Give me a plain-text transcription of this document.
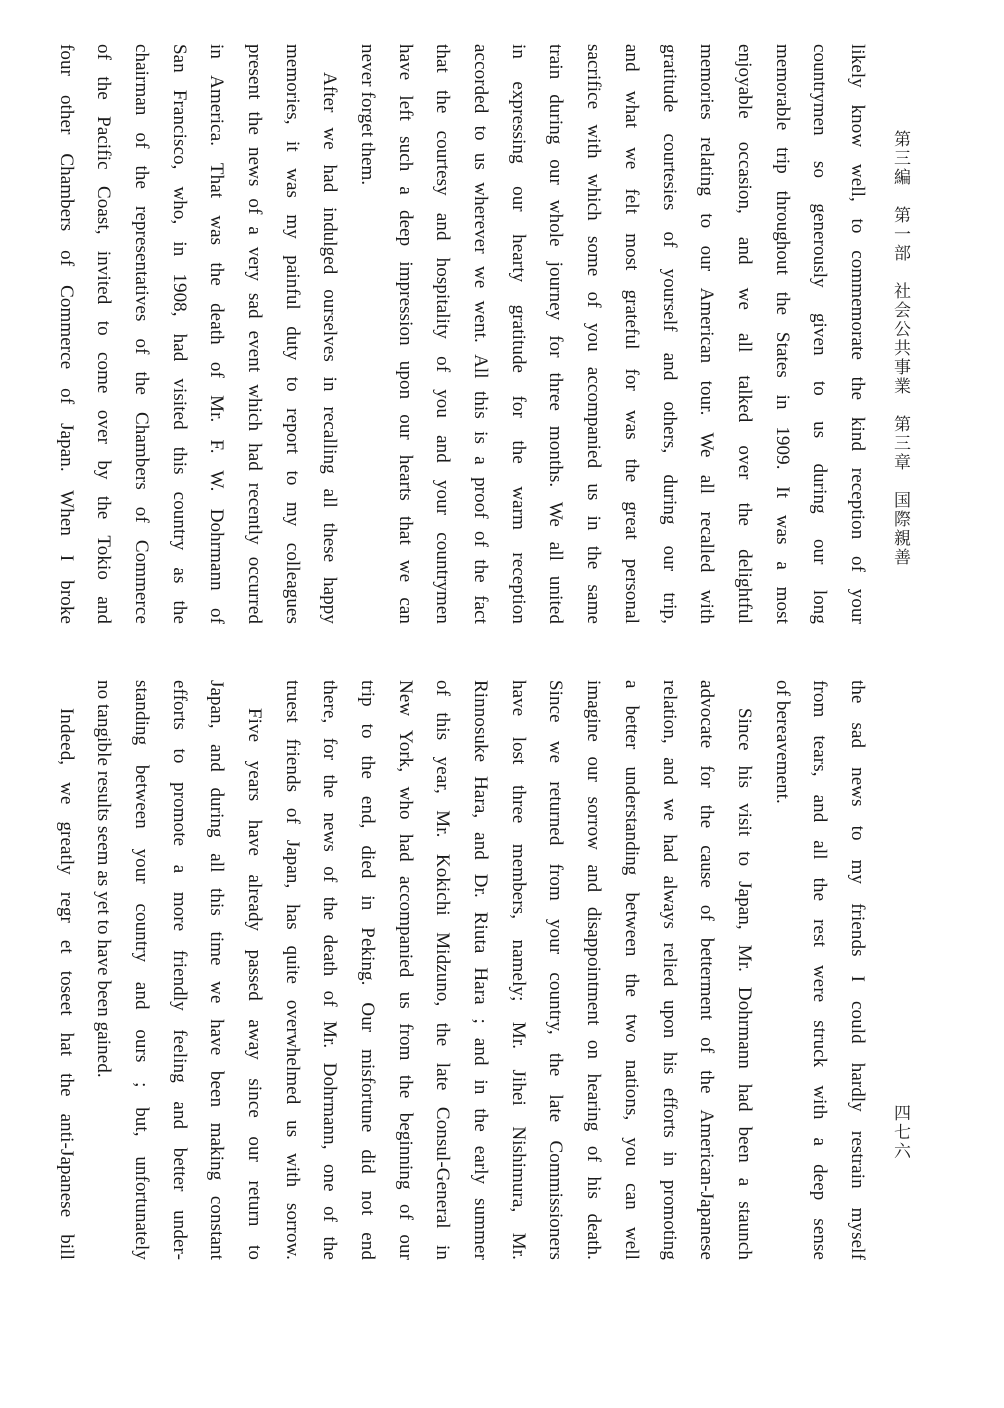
第三編　第一部　社会公共事業　第三章　国際親善
四七六
likely know well, to commemorate the kind reception of your
countrymen so generously given to us during our long
memorable trip throughout the States in 1909. It was a most
enjoyable occasion, and we all talked over the delightful
memories relating to our American tour. We all recalled with
gratitude courtesies of yourself and others, during our trip,
and what we felt most grateful for was the great personal
sacrifice with which some of you accompanied us in the same
train during our whole journey for three months. We all united
in expressing our hearty gratitude for the warm reception
accorded to us wherever we went. All this is a proof of the fact
that the courtesy and hospitality of you and your countrymen
have left such a deep impression upon our hearts that we can
never forget them.
After we had indulged ourselves in recalling all these happy
memories, it was my painful duty to report to my colleagues
present the news of a very sad event which had recently occurred
in America. That was the death of Mr. F. W. Dohrmann of
San Francisco, who, in 1908, had visited this country as the
chairman of the representatives of the Chambers of Commerce
of the Pacific Coast, invited to come over by the Tokio and
four other Chambers of Commerce of Japan. When I broke
the sad news to my friends I could hardly restrain myself
from tears, and all the rest were struck with a deep sense
of bereavement.
Since his visit to Japan, Mr. Dohrmann had been a staunch
advocate for the cause of betterment of the American-Japanese
relation, and we had always relied upon his efforts in promoting
a better understanding between the two nations, you can well
imagine our sorrow and disappointment on hearing of his death.
Since we returned from your country, the late Commissioners
have lost three members, namely; Mr. Jihei Nishimura, Mr.
Rinnosuke Hara, and Dr. Riuta Hara ; and in the early summer
of this year, Mr. Kokichi Midzuno, the late Consul-General in
New York, who had accompanied us from the beginning of our
trip to the end, died in Peking. Our misfortune did not end
there, for the news of the death of Mr. Dohrmann, one of the
truest friends of Japan, has quite overwhelmed us with sorrow.
Five years have already passed away since our return to
Japan, and during all this time we have been making constant
efforts to promote a more friendly feeling and better under-
standing between your country and ours ; but, unfortunately
no tangible results seem as yet to have been gained.
Indeed, we greatly regr et toseet hat the anti-Japanese bill
